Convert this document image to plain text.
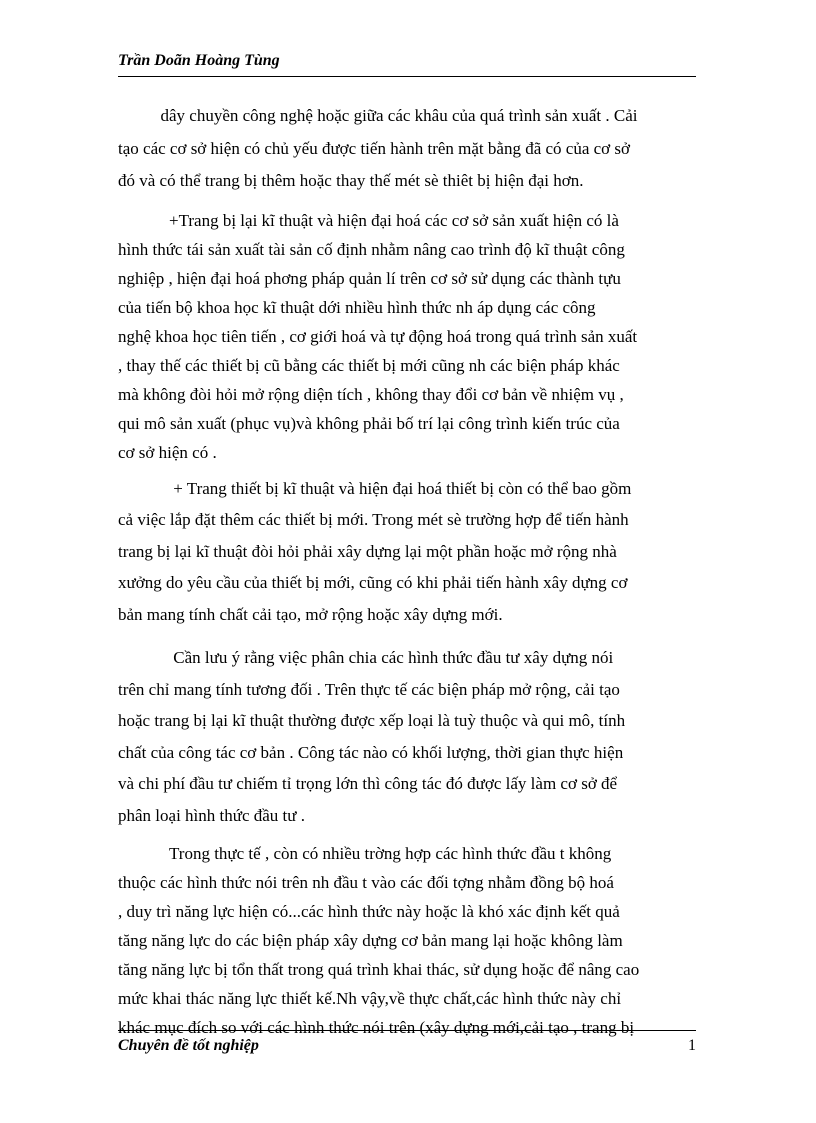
Trần Doãn Hoàng Tùng
dây chuyền công nghệ hoặc giữa các khâu của quá trình sản xuất . Cải
tạo các cơ sở hiện có chủ yếu được tiến hành trên mặt bằng đã có của cơ sở
đó và có thể trang bị thêm hoặc thay thế mét sè thiêt bị hiện đại hơn.
+Trang bị lại kĩ thuật và hiện đại hoá các cơ sở sản xuất hiện có là
hình thức tái sản xuất tài sản cố định nhằm nâng cao trình độ kĩ thuật công
nghiệp , hiện đại hoá phơng pháp quản lí trên cơ sở sử dụng các thành tựu
của tiến bộ khoa học kĩ thuật dới nhiều hình thức nh áp dụng các công
nghệ khoa học tiên tiến , cơ giới hoá và tự động hoá trong quá trình sản xuất
, thay thế các thiết bị cũ bằng các thiết bị mới cũng nh các biện pháp khác
mà không đòi hỏi mở rộng diện tích , không thay đổi cơ bản về nhiệm vụ ,
qui mô sản xuất (phục vụ)và không phải bố trí lại công trình kiến trúc của
cơ sở hiện có .
+ Trang thiết bị kĩ thuật và hiện đại hoá thiết bị còn có thể bao gồm
cả việc lắp đặt thêm các thiết bị mới. Trong mét sè trường hợp để tiến hành
trang bị lại kĩ thuật đòi hỏi phải xây dựng lại một phần hoặc mở rộng nhà
xưởng do yêu cầu của thiết bị mới, cũng có khi phải tiến hành xây dựng cơ
bản mang tính chất cải tạo, mở rộng hoặc xây dựng mới.
Cần lưu ý rằng việc phân chia các hình thức đầu tư xây dựng nói
trên chỉ mang tính tương đối . Trên thực tế các biện pháp mở rộng, cải tạo
hoặc trang bị lại kĩ thuật thường được xếp loại là tuỳ thuộc và qui mô, tính
chất của công tác cơ bản . Công tác nào có khối lượng, thời gian thực hiện
và chi phí đầu tư chiếm tỉ trọng lớn thì công tác đó được lấy làm cơ sở để
phân loại hình thức đầu tư .
Trong thực tế , còn có nhiều trờng hợp các hình thức đầu t không
thuộc các hình thức nói trên nh đầu t vào các đối tợng nhằm đồng bộ hoá
, duy trì năng lực hiện có...các hình thức này hoặc là khó xác định kết quả
tăng năng lực do các biện pháp xây dựng cơ bản mang lại hoặc không làm
tăng năng lực bị tổn thất trong quá trình khai thác, sử dụng hoặc để nâng cao
mức khai thác năng lực thiết kế.Nh vậy,về thực chất,các hình thức này chỉ
khác mục đích so với các hình thức nói trên (xây dựng mới,cải tạo , trang bị
Chuyên đề tốt nghiệp	1
